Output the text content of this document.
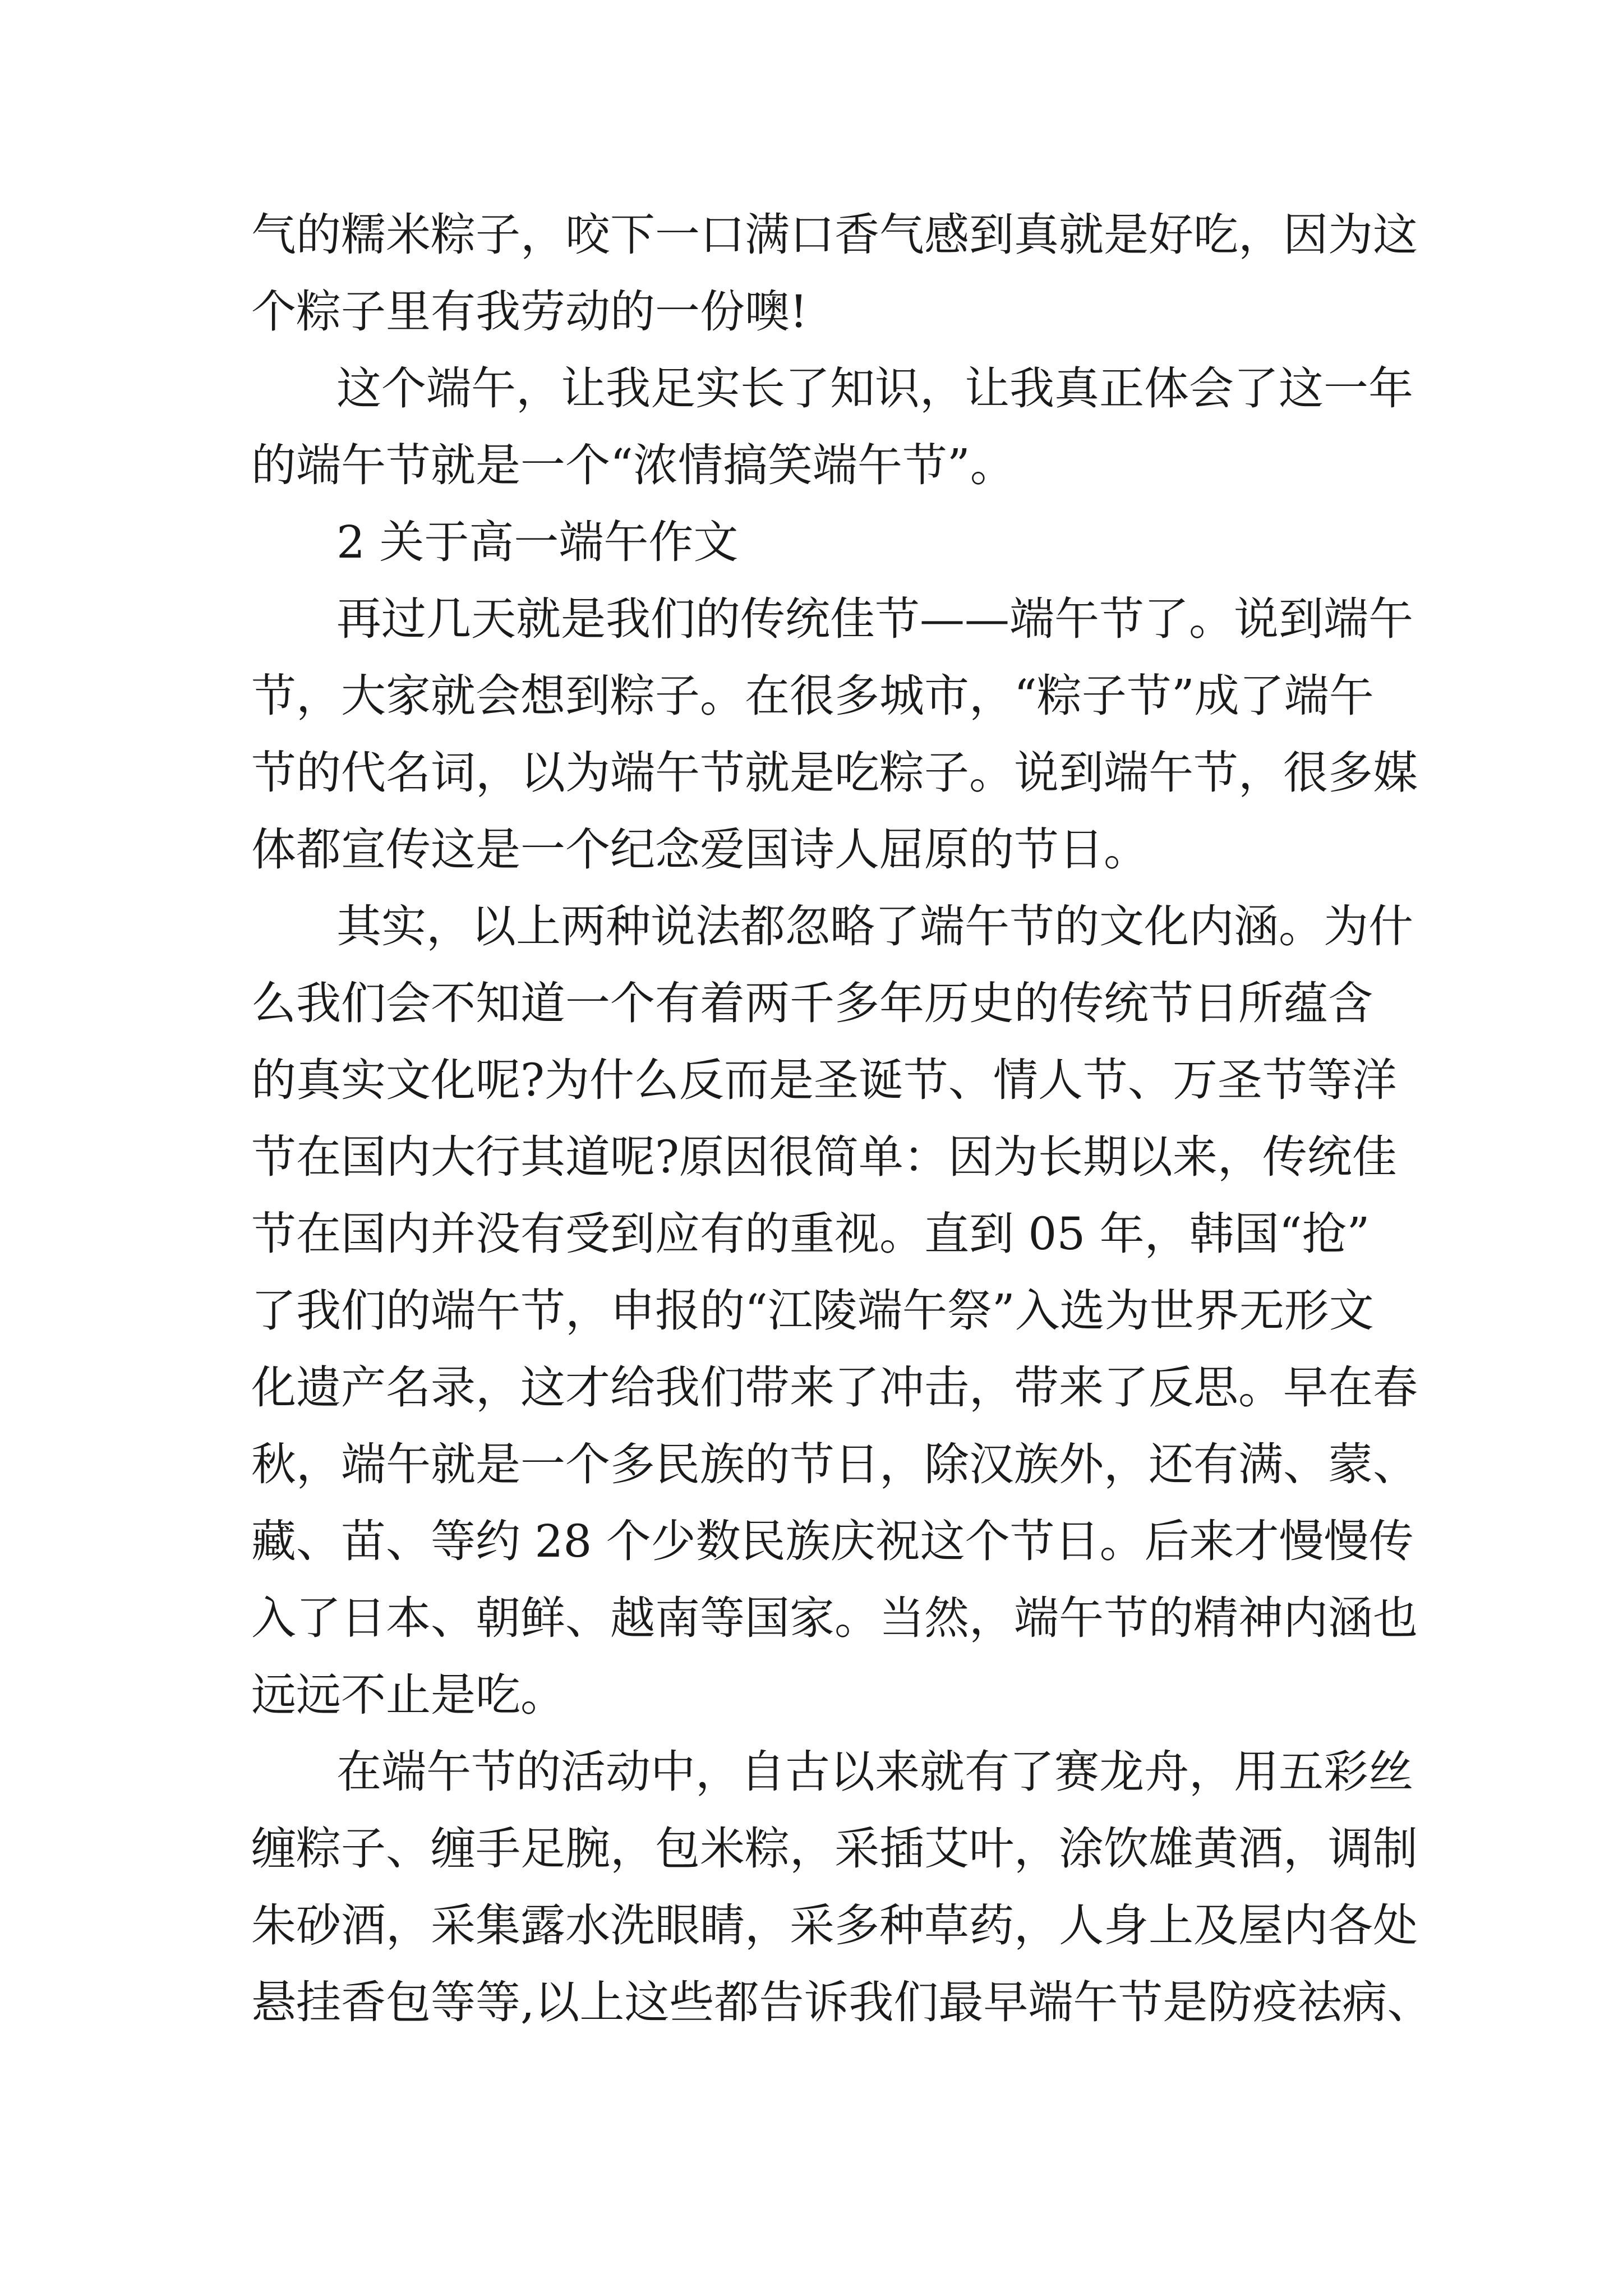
气的糯米粽子，咬下一口满口香气感到真就是好吃，因为这
个粽子里有我劳动的一份噢!
这个端午，让我足实长了知识，让我真正体会了这一年
的端午节就是一个“浓情搞笑端午节”。
2 关于高一端午作文
再过几天就是我们的传统佳节——端午节了。说到端午
节，大家就会想到粽子。在很多城市，“粽子节”成了端午
节的代名词，以为端午节就是吃粽子。说到端午节，很多媒
体都宣传这是一个纪念爱国诗人屈原的节日。
其实，以上两种说法都忽略了端午节的文化内涵。为什
么我们会不知道一个有着两千多年历史的传统节日所蕴含
的真实文化呢?为什么反而是圣诞节、情人节、万圣节等洋
节在国内大行其道呢?原因很简单：因为长期以来，传统佳
节在国内并没有受到应有的重视。直到 05 年，韩国“抢”
了我们的端午节，申报的“江陵端午祭”入选为世界无形文
化遗产名录，这才给我们带来了冲击，带来了反思。早在春
秋，端午就是一个多民族的节日，除汉族外，还有满、蒙、
藏、苗、等约 28 个少数民族庆祝这个节日。后来才慢慢传
入了日本、朝鲜、越南等国家。当然，端午节的精神内涵也
远远不止是吃。
在端午节的活动中，自古以来就有了赛龙舟，用五彩丝
缠粽子、缠手足腕，包米粽，采插艾叶，涂饮雄黄酒，调制
朱砂酒，采集露水洗眼睛，采多种草药，人身上及屋内各处
悬挂香包等等,以上这些都告诉我们最早端午节是防疫祛病、
